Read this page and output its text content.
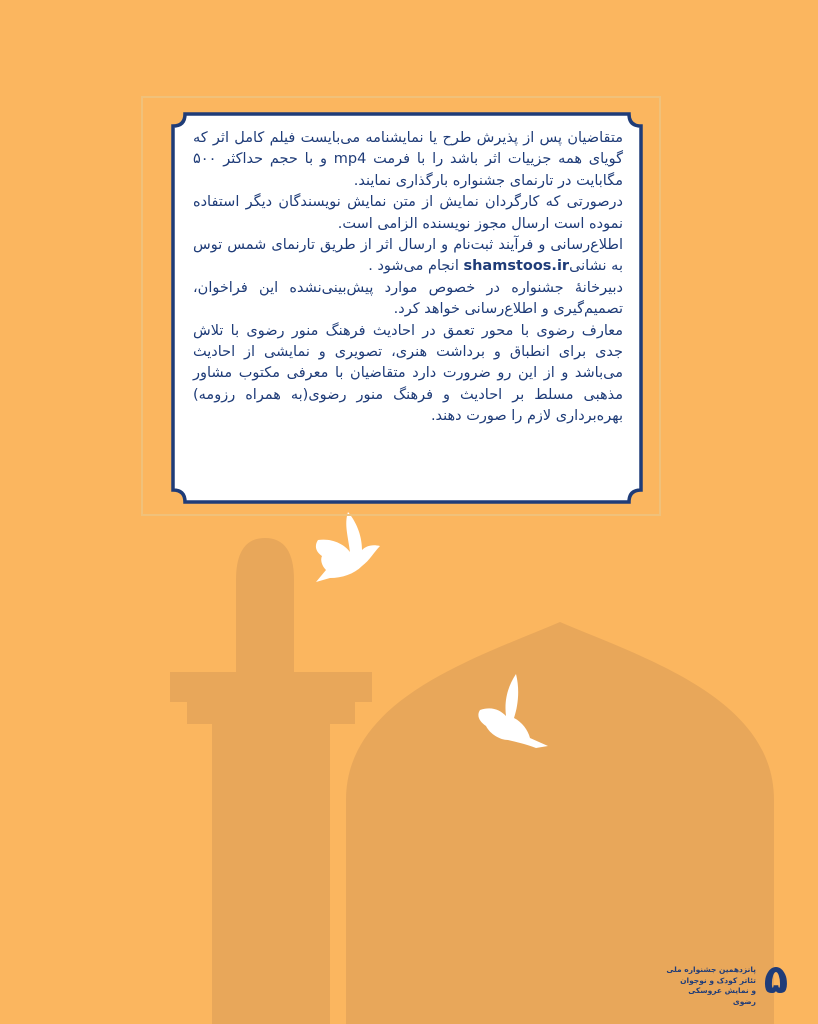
متقاضیان پس از پذیرش طرح یا نمایشنامه می‌بایست فیلم کامل اثر که گویای همه جزییات اثر باشد را با فرمت mp4 و با حجم حداکثر ۵۰۰ مگابایت در تارنمای جشنواره بارگذاری نمایند.

درصورتی که کارگردان نمایش از متن نمایش نویسندگان دیگر استفاده نموده است ارسال مجوز نویسنده الزامی است.

اطلاع‌رسانی و فرآیند ثبت‌نام و ارسال اثر از طریق تارنمای شمس توس به نشانیshamstoos.ir انجام می‌شود .

دبیرخانهٔ جشنواره در خصوص موارد پیش‌بینی‌نشده این فراخوان، تصمیم‌گیری و اطلاع‌رسانی خواهد کرد.

معارف رضوی با محور تعمق در احادیث فرهنگ منور رضوی با تلاش جدی برای انطباق و برداشت هنری، تصویری و نمایشی از احادیث می‌باشد و از این رو ضرورت دارد متقاضیان با معرفی مکتوب مشاور مذهبی مسلط بر احادیث و فرهنگ منور رضوی(به همراه رزومه) بهره‌برداری لازم را صورت دهند.

۵
پانزدهمین جشنواره ملی
تئاتر کودک و نوجوان
و نمایش عروسکی رضوی
